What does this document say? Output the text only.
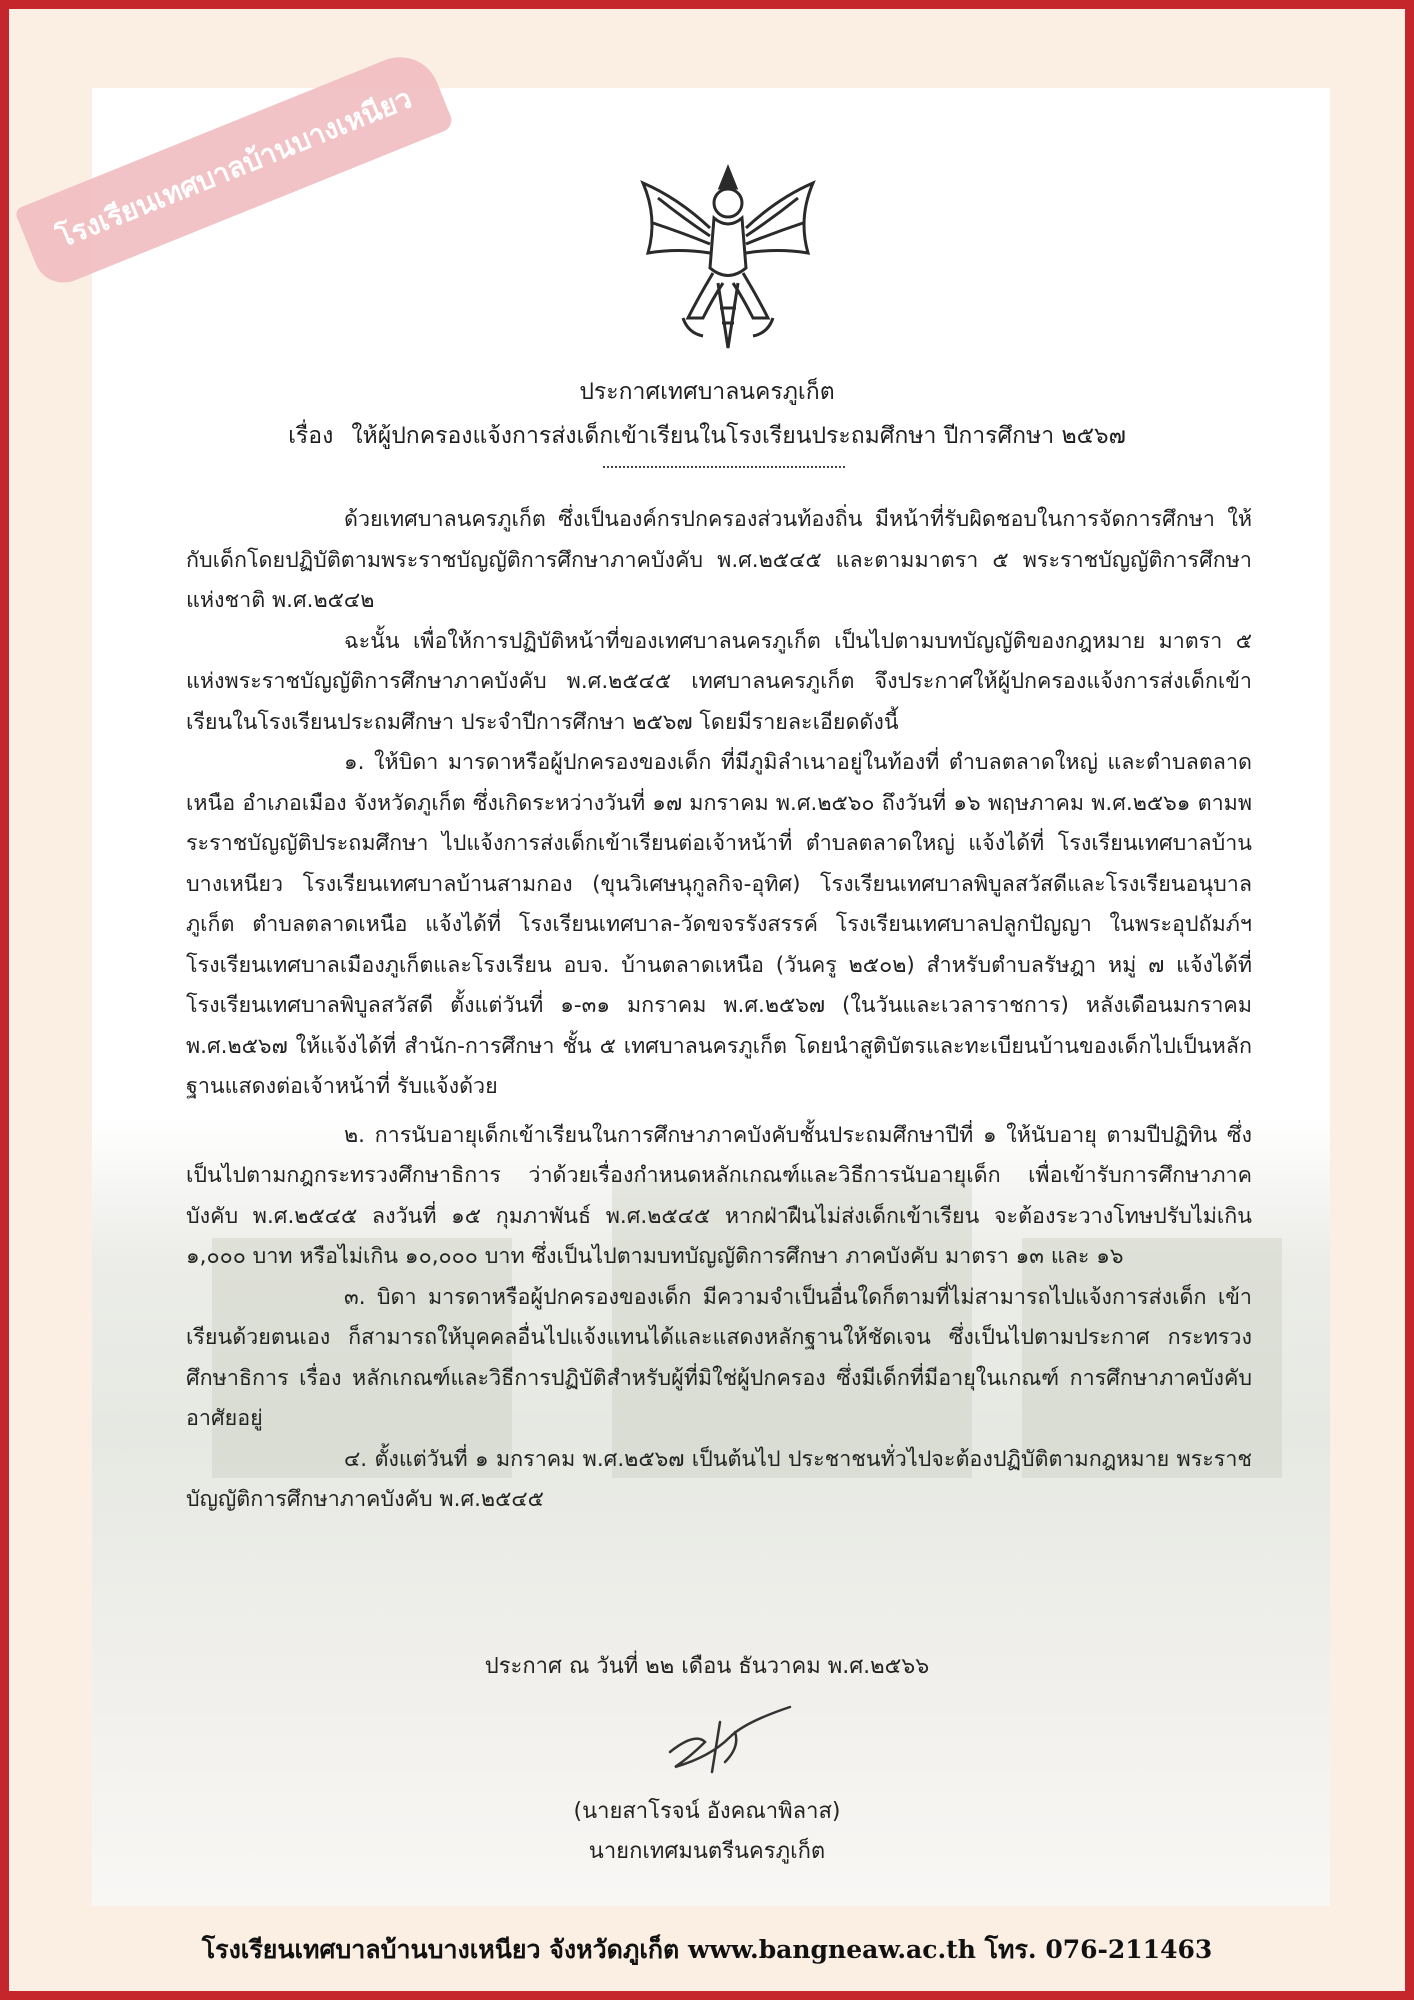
โรงเรียนเทศบาลบ้านบางเหนียว
ประกาศเทศบาลนครภูเก็ต
เรื่อง ให้ผู้ปกครองแจ้งการส่งเด็กเข้าเรียนในโรงเรียนประถมศึกษา ปีการศึกษา ๒๕๖๗

ด้วยเทศบาลนครภูเก็ต ซึ่งเป็นองค์กรปกครองส่วนท้องถิ่น มีหน้าที่รับผิดชอบในการจัดการศึกษา ให้กับเด็กโดยปฏิบัติตามพระราชบัญญัติการศึกษาภาคบังคับ พ.ศ.๒๕๔๕ และตามมาตรา ๕ พระราชบัญญัติการศึกษาแห่งชาติ พ.ศ.๒๕๔๒

ฉะนั้น เพื่อให้การปฏิบัติหน้าที่ของเทศบาลนครภูเก็ต เป็นไปตามบทบัญญัติของกฎหมาย มาตรา ๕ แห่งพระราชบัญญัติการศึกษาภาคบังคับ พ.ศ.๒๕๔๕ เทศบาลนครภูเก็ต จึงประกาศให้ผู้ปกครองแจ้งการส่งเด็กเข้าเรียนในโรงเรียนประถมศึกษา ประจำปีการศึกษา ๒๕๖๗ โดยมีรายละเอียดดังนี้

๑. ให้บิดา มารดาหรือผู้ปกครองของเด็ก ที่มีภูมิลำเนาอยู่ในท้องที่ ตำบลตลาดใหญ่ และตำบลตลาดเหนือ อำเภอเมือง จังหวัดภูเก็ต ซึ่งเกิดระหว่างวันที่ ๑๗ มกราคม พ.ศ.๒๕๖๐ ถึงวันที่ ๑๖ พฤษภาคม พ.ศ.๒๕๖๑ ตามพระราชบัญญัติประถมศึกษา ไปแจ้งการส่งเด็กเข้าเรียนต่อเจ้าหน้าที่ ตำบลตลาดใหญ่ แจ้งได้ที่ โรงเรียนเทศบาลบ้านบางเหนียว โรงเรียนเทศบาลบ้านสามกอง (ขุนวิเศษนุกูลกิจ-อุทิศ) โรงเรียนเทศบาลพิบูลสวัสดีและโรงเรียนอนุบาลภูเก็ต ตำบลตลาดเหนือ แจ้งได้ที่ โรงเรียนเทศบาล-วัดขจรรังสรรค์ โรงเรียนเทศบาลปลูกปัญญา ในพระอุปถัมภ์ฯ โรงเรียนเทศบาลเมืองภูเก็ตและโรงเรียน อบจ. บ้านตลาดเหนือ (วันครู ๒๕๐๒) สำหรับตำบลรัษฎา หมู่ ๗ แจ้งได้ที่ โรงเรียนเทศบาลพิบูลสวัสดี ตั้งแต่วันที่ ๑-๓๑ มกราคม พ.ศ.๒๕๖๗ (ในวันและเวลาราชการ) หลังเดือนมกราคม พ.ศ.๒๕๖๗ ให้แจ้งได้ที่ สำนัก-การศึกษา ชั้น ๕ เทศบาลนครภูเก็ต โดยนำสูติบัตรและทะเบียนบ้านของเด็กไปเป็นหลักฐานแสดงต่อเจ้าหน้าที่ รับแจ้งด้วย

๒. การนับอายุเด็กเข้าเรียนในการศึกษาภาคบังคับชั้นประถมศึกษาปีที่ ๑ ให้นับอายุ ตามปีปฏิทิน ซึ่งเป็นไปตามกฎกระทรวงศึกษาธิการ ว่าด้วยเรื่องกำหนดหลักเกณฑ์และวิธีการนับอายุเด็ก เพื่อเข้ารับการศึกษาภาคบังคับ พ.ศ.๒๕๔๕ ลงวันที่ ๑๕ กุมภาพันธ์ พ.ศ.๒๕๔๕ หากฝ่าฝืนไม่ส่งเด็กเข้าเรียน จะต้องระวางโทษปรับไม่เกิน ๑,๐๐๐ บาท หรือไม่เกิน ๑๐,๐๐๐ บาท ซึ่งเป็นไปตามบทบัญญัติการศึกษา ภาคบังคับ มาตรา ๑๓ และ ๑๖

๓. บิดา มารดาหรือผู้ปกครองของเด็ก มีความจำเป็นอื่นใดก็ตามที่ไม่สามารถไปแจ้งการส่งเด็ก เข้าเรียนด้วยตนเอง ก็สามารถให้บุคคลอื่นไปแจ้งแทนได้และแสดงหลักฐานให้ชัดเจน ซึ่งเป็นไปตามประกาศ กระทรวงศึกษาธิการ เรื่อง หลักเกณฑ์และวิธีการปฏิบัติสำหรับผู้ที่มิใช่ผู้ปกครอง ซึ่งมีเด็กที่มีอายุในเกณฑ์ การศึกษาภาคบังคับอาศัยอยู่

๔. ตั้งแต่วันที่ ๑ มกราคม พ.ศ.๒๕๖๗ เป็นต้นไป ประชาชนทั่วไปจะต้องปฏิบัติตามกฎหมาย พระราชบัญญัติการศึกษาภาคบังคับ พ.ศ.๒๕๔๕

ประกาศ ณ วันที่ ๒๒ เดือน ธันวาคม พ.ศ.๒๕๖๖
(นายสาโรจน์ อังคณาพิลาส)
นายกเทศมนตรีนครภูเก็ต
โรงเรียนเทศบาลบ้านบางเหนียว จังหวัดภูเก็ต www.bangneaw.ac.th โทร. 076-211463
